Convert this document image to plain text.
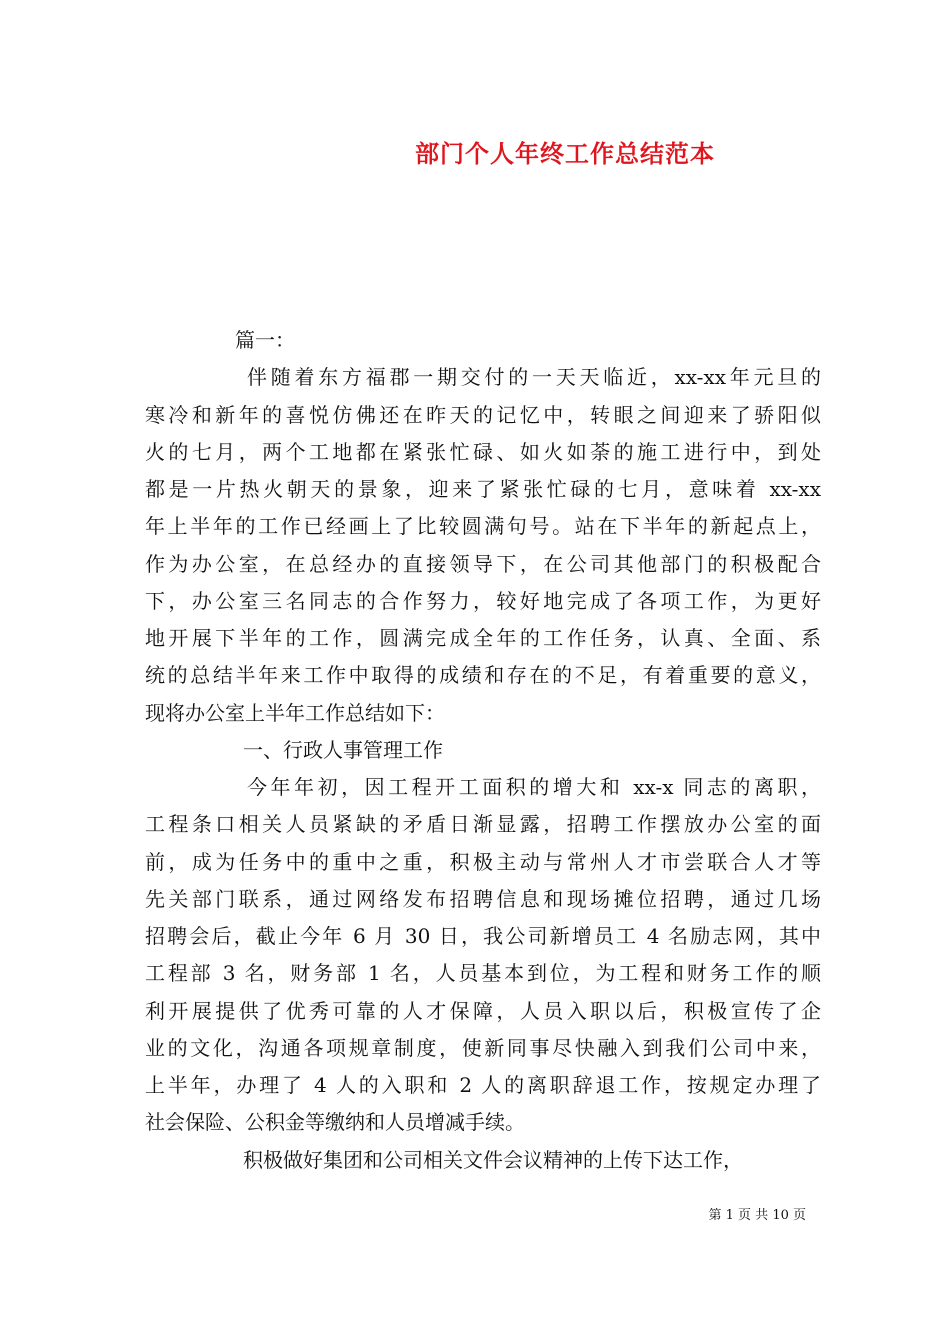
部门个人年终工作总结范本
篇一：
伴随着东方福郡一期交付的一天天临近，xx-xx年元旦的
寒冷和新年的喜悦仿佛还在昨天的记忆中，转眼之间迎来了骄阳似
火的七月，两个工地都在紧张忙碌、如火如荼的施工进行中，到处
都是一片热火朝天的景象，迎来了紧张忙碌的七月，意味着 xx-xx
年上半年的工作已经画上了比较圆满句号。站在下半年的新起点上，
作为办公室，在总经办的直接领导下，在公司其他部门的积极配合
下，办公室三名同志的合作努力，较好地完成了各项工作，为更好
地开展下半年的工作，圆满完成全年的工作任务，认真、全面、系
统的总结半年来工作中取得的成绩和存在的不足，有着重要的意义，
现将办公室上半年工作总结如下：
一、行政人事管理工作
今年年初，因工程开工面积的增大和 xx-x 同志的离职，
工程条口相关人员紧缺的矛盾日渐显露，招聘工作摆放办公室的面
前，成为任务中的重中之重，积极主动与常州人才市尝联合人才等
先关部门联系，通过网络发布招聘信息和现场摊位招聘，通过几场
招聘会后，截止今年 6 月 30 日，我公司新增员工 4 名励志网，其中
工程部 3 名，财务部 1 名，人员基本到位，为工程和财务工作的顺
利开展提供了优秀可靠的人才保障，人员入职以后，积极宣传了企
业的文化，沟通各项规章制度，使新同事尽快融入到我们公司中来，
上半年，办理了 4 人的入职和 2 人的离职辞退工作，按规定办理了
社会保险、公积金等缴纳和人员增减手续。
积极做好集团和公司相关文件会议精神的上传下达工作，
第 1 页 共 10 页
